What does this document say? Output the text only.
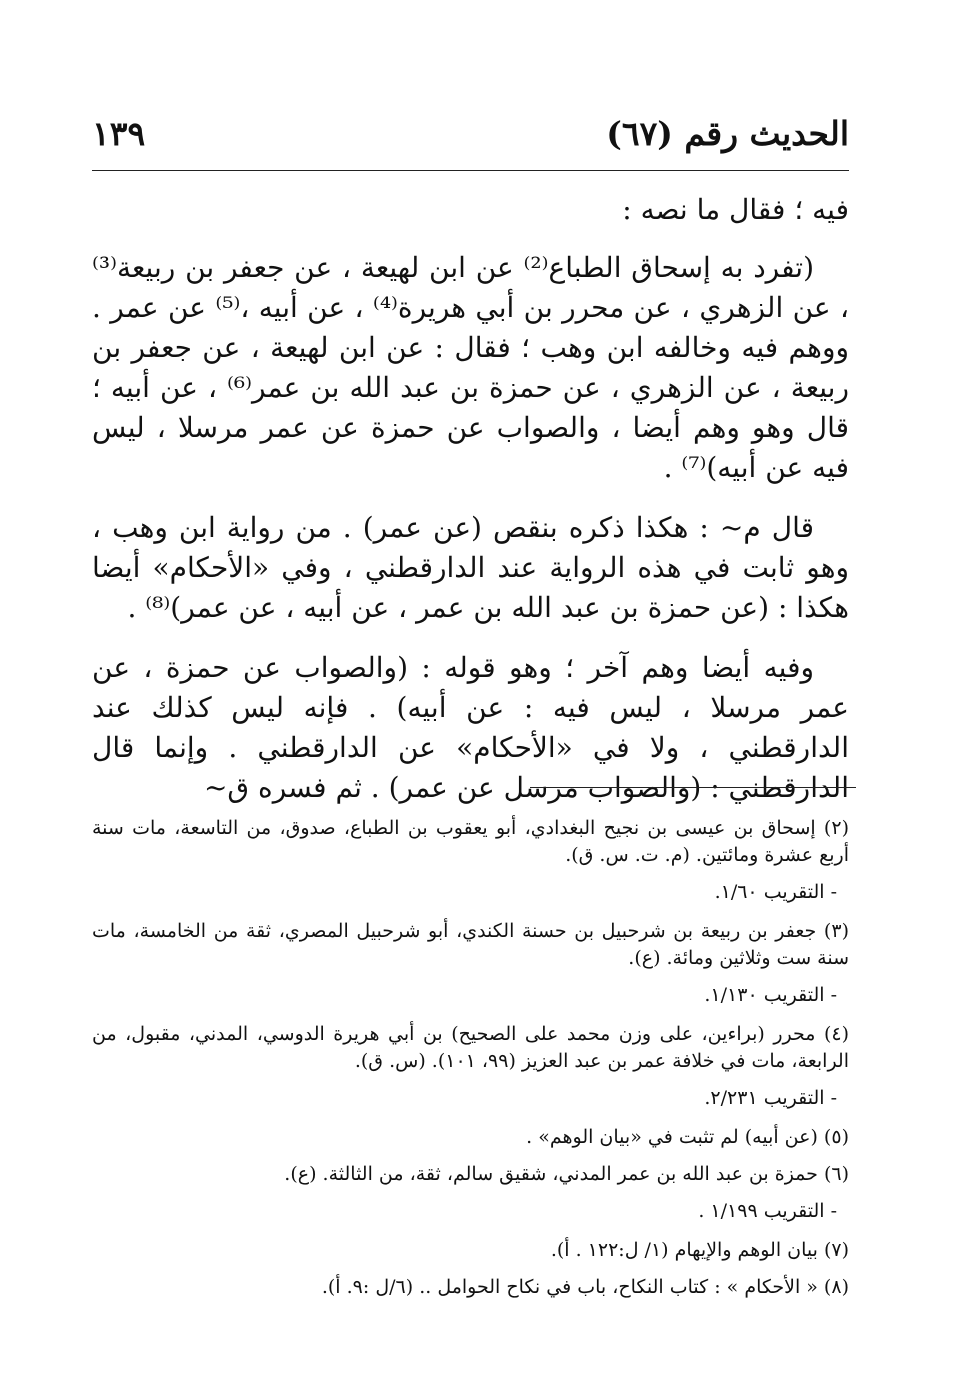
الحديث رقم (٦٧)
١٣٩

فيه ؛ فقال ما نصه :

(تفرد به إسحاق الطباع⁽²⁾ عن ابن لهيعة ، عن جعفر بن ربيعة⁽³⁾ ، عن الزهري ، عن محرر بن أبي هريرة⁽⁴⁾ ، عن أبيه ،⁽⁵⁾ عن عمر . ووهم فيه وخالفه ابن وهب ؛ فقال : عن ابن لهيعة ، عن جعفر بن ربيعة ، عن الزهري ، عن حمزة بن عبد الله بن عمر⁽⁶⁾ ، عن أبيه ؛ قال وهو وهم أيضا ، والصواب عن حمزة عن عمر مرسلا ، ليس فيه عن أبيه)⁽⁷⁾ .

قال م~ : هكذا ذكره بنقص (عن عمر) . من رواية ابن وهب ، وهو ثابت في هذه الرواية عند الدارقطني ، وفي «الأحكام» أيضا هكذا : (عن حمزة بن عبد الله بن عمر ، عن أبيه ، عن عمر)⁽⁸⁾ .

وفيه أيضا وهم آخر ؛ وهو قوله : (والصواب عن حمزة ، عن عمر مرسلا ، ليس فيه : عن أبيه) . فإنه ليس كذلك عند الدارقطني ، ولا في «الأحكام» عن الدارقطني . وإنما قال الدارقطني : (والصواب مرسل عن عمر) . ثم فسره ق~

(٢) إسحاق بن عيسى بن نجيح البغدادي، أبو يعقوب بن الطباع، صدوق، من التاسعة، مات سنة أربع عشرة ومائتين. (م. ت. س. ق).

- التقريب ١/٦٠.

(٣) جعفر بن ربيعة بن شرحبيل بن حسنة الكندي، أبو شرحبيل المصري، ثقة من الخامسة، مات سنة ست وثلاثين ومائة. (ع).

- التقريب ١/١٣٠.

(٤) محرر (براءين، على وزن محمد على الصحيح) بن أبي هريرة الدوسي، المدني، مقبول، من الرابعة، مات في خلافة عمر بن عبد العزيز (٩٩، ١٠١). (س. ق).

- التقريب ٢/٢٣١.

(٥) (عن أبيه) لم تثبت في «بيان الوهم» .

(٦) حمزة بن عبد الله بن عمر المدني، شقيق سالم، ثقة، من الثالثة. (ع).

- التقريب ١/١٩٩ .

(٧) بيان الوهم والإيهام (١/ ل:١٢٢ . أ).

(٨) « الأحكام » : كتاب النكاح، باب في نكاح الحوامل .. (٦/ل :٩. أ).
